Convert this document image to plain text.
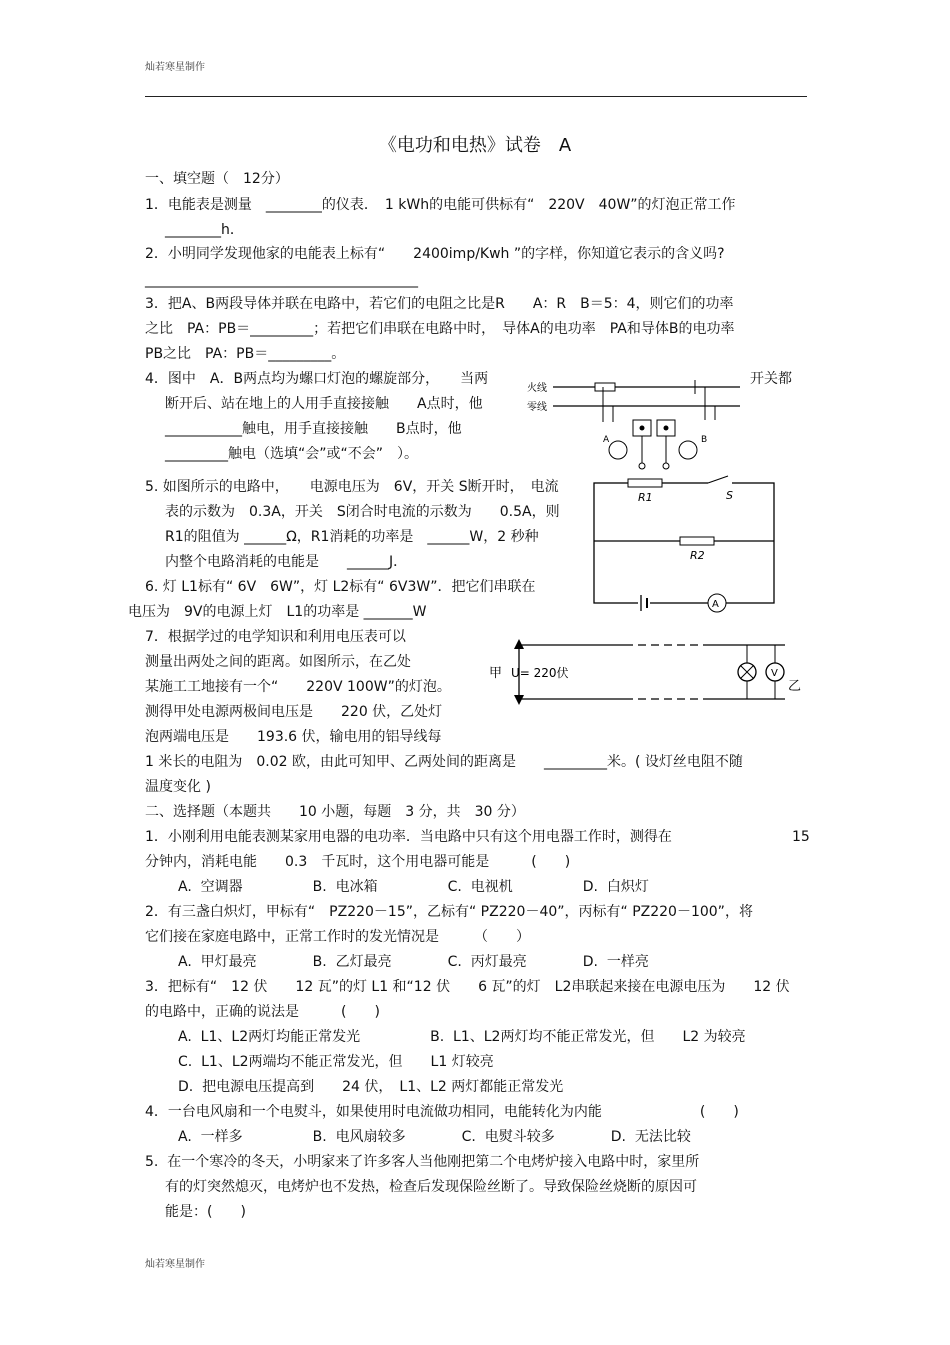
灿若寒星制作
《电功和电热》试卷　A
一、填空题（　12分）
1．电能表是测量　________的仪表．　1 kWh的电能可供标有“　220V　40W”的灯泡正常工作
________h．
2．小明同学发现他家的电能表上标有“　　2400imp/Kwh ”的字样，你知道它表示的含义吗?
_______________________________________
3．把A、B两段导体并联在电路中，若它们的电阻之比是R　　A：R　B＝5：4，则它们的功率
之比　PA：PB＝_________；若把它们串联在电路中时，　导体A的电功率　PA和导体B的电功率
PB之比　PA：PB＝_________。
4．图中　A．B两点均为螺口灯泡的螺旋部分，　　当两	开关都
断开后、站在地上的人用手直接接触　　A点时，他
___________触电，用手直接接触　　B点时，他
_________触电（选填“会”或“不会”　）。
火线
零线
A	B
5. 如图所示的电路中，　　电源电压为　6V，开关 S断开时，　电流
表的示数为　0.3A，开关　S闭合时电流的示数为　　0.5A，则
R1的阻值为 ______Ω，R1消耗的功率是　______W，2 秒种
内整个电路消耗的电能是　　______J．
R1	S
R2
A
6. 灯 L1标有“ 6V　6W”，灯 L2标有“ 6V3W”．把它们串联在
电压为　9V的电源上灯　L1的功率是 _______W
7．根据学过的电学知识和利用电压表可以
测量出两处之间的距离。如图所示，在乙处
某施工工地接有一个“　　220V 100W”的灯泡。
测得甲处电源两极间电压是　　220 伏，乙处灯
泡两端电压是　　193.6 伏，输电用的铝导线每
甲 U= 220伏	V
乙
1 米长的电阻为　0.02 欧，由此可知甲、乙两处间的距离是　　_________米。( 设灯丝电阻不随
温度变化 )
二、选择题（本题共　　10 小题，每题　3 分，共　30 分）
1．小刚利用电能表测某家用电器的电功率．当电路中只有这个用电器工作时，测得在	15
分钟内，消耗电能　　0.3　千瓦时，这个用电器可能是　　　(　　)
A.  空调器　　　　　B.  电冰箱　　　　　C.  电视机　　　　　D.  白炽灯
2．有三盏白炽灯，甲标有“　PZ220－15”，乙标有“ PZ220－40”，丙标有“ PZ220－100”，将
它们接在家庭电路中，正常工作时的发光情况是　　　（　　）
A.  甲灯最亮　　　　B.  乙灯最亮　　　　C.  丙灯最亮　　　　D.  一样亮
3．把标有“　12 伏　　12 瓦”的灯 L1 和“12 伏　　6 瓦”的灯　L2串联起来接在电源电压为　　12 伏
的电路中，正确的说法是　　　(　　)
A.  L1、L2两灯均能正常发光　　　　　B.  L1、L2两灯均不能正常发光，但　　L2 为较亮
C.  L1、L2两端均不能正常发光，但　　L1 灯较亮
D.  把电源电压提高到　　24 伏，　L1、L2 两灯都能正常发光
4．一台电风扇和一个电熨斗，如果使用时电流做功相同，电能转化为内能　　　　　　　(　　)
A.  一样多　　　　　B.  电风扇较多　　　　C.  电熨斗较多　　　　D.  无法比较
5.  在一个寒冷的冬天，小明家来了许多客人当他刚把第二个电烤炉接入电路中时，家里所
有的灯突然熄灭，电烤炉也不发热，检查后发现保险丝断了。导致保险丝烧断的原因可
能是：(　　)
灿若寒星制作
